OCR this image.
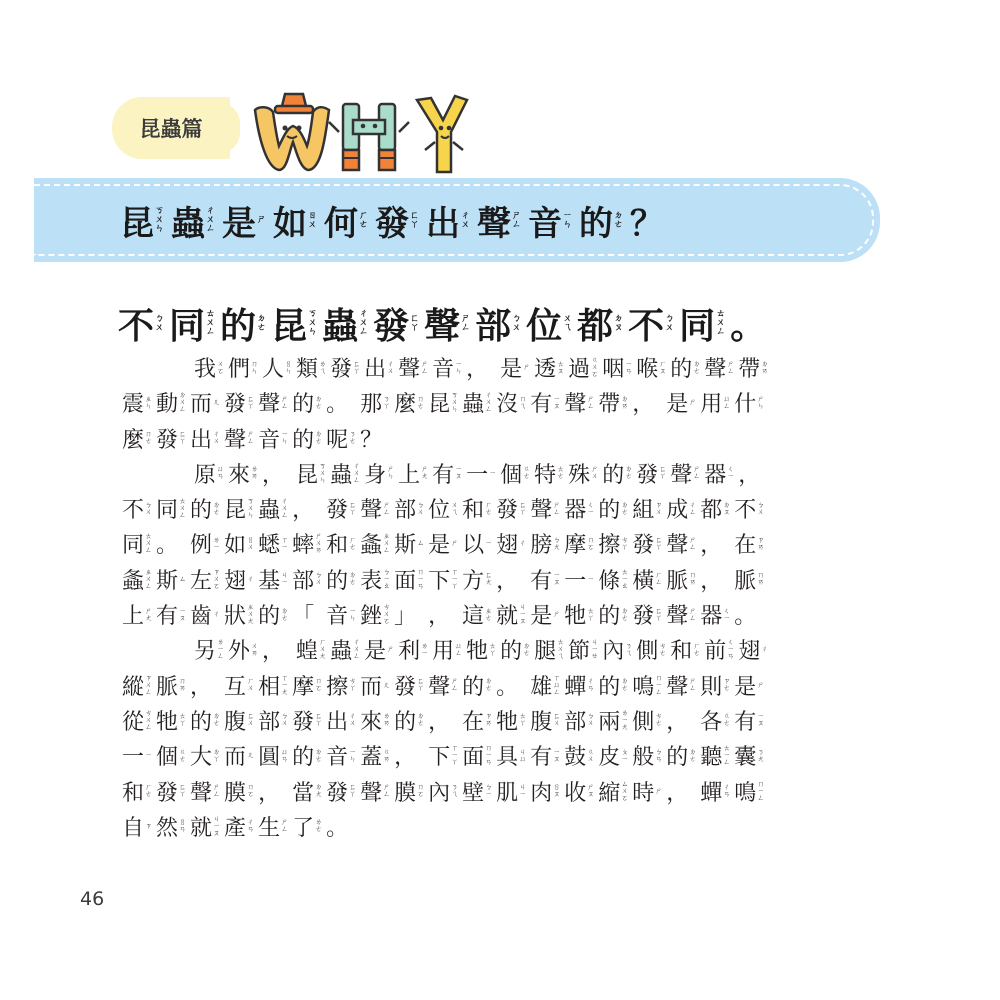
昆蟲篇
昆 ㄎ
ㄨ
ㄣ 蟲 ㄔ
ㄨ
ㄥ 是 ㄕ 如 ㄖ
ㄨ 何 ㄏ
ㄜ 發 ㄈ
ㄚ 出 ㄔ
ㄨ 聲 ㄕ
ㄥ 音 ㄧ
ㄣ 的 ㄉ
ㄜ ？
不 ㄅ
ㄨ 同 ㄊ
ㄨ
ㄥ 的 ㄉ
ㄜ 昆 ㄎ
ㄨ
ㄣ 蟲 ㄔ
ㄨ
ㄥ 發 ㄈ
ㄚ 聲 ㄕ
ㄥ 部 ㄅ
ㄨ 位 ㄨ
ㄟ 都 ㄉ
ㄡ 不 ㄅ
ㄨ 同 ㄊ
ㄨ
ㄥ 。
我 ㄨ
ㄛ 們 ㄇ
ㄣ 人 ㄖ
ㄣ 類 ㄌ
ㄟ 發 ㄈ
ㄚ 出 ㄔ
ㄨ 聲 ㄕ
ㄥ 音 ㄧ
ㄣ ， 是 ㄕ 透 ㄊ
ㄡ 過 ㄍ
ㄨ
ㄛ 咽 ㄧ
ㄢ 喉 ㄏ
ㄡ 的 ㄉ
ㄜ 聲 ㄕ
ㄥ 帶 ㄉ
ㄞ
震 ㄓ
ㄣ 動 ㄉ
ㄨ
ㄥ 而 ㄦ 發 ㄈ
ㄚ 聲 ㄕ
ㄥ 的 ㄉ
ㄜ 。 那 ㄋ
ㄚ 麼 ㄇ
ㄜ 昆 ㄎ
ㄨ
ㄣ 蟲 ㄔ
ㄨ
ㄥ 沒 ㄇ
ㄟ 有 ㄧ
ㄡ 聲 ㄕ
ㄥ 帶 ㄉ
ㄞ ， 是 ㄕ 用 ㄩ
ㄥ 什 ㄕ
ㄣ
麼 ㄇ
ㄜ 發 ㄈ
ㄚ 出 ㄔ
ㄨ 聲 ㄕ
ㄥ 音 ㄧ
ㄣ 的 ㄉ
ㄜ 呢 ㄋ
ㄜ ？
原 ㄩ
ㄢ 來 ㄌ
ㄞ ， 昆 ㄎ
ㄨ
ㄣ 蟲 ㄔ
ㄨ
ㄥ 身 ㄕ
ㄣ 上 ㄕ
ㄤ 有 ㄧ
ㄡ 一 ㄧ 個 ㄍ
ㄜ 特 ㄊ
ㄜ 殊 ㄕ
ㄨ 的 ㄉ
ㄜ 發 ㄈ
ㄚ 聲 ㄕ
ㄥ 器 ㄑ
ㄧ ，
不 ㄅ
ㄨ 同 ㄊ
ㄨ
ㄥ 的 ㄉ
ㄜ 昆 ㄎ
ㄨ
ㄣ 蟲 ㄔ
ㄨ
ㄥ ， 發 ㄈ
ㄚ 聲 ㄕ
ㄥ 部 ㄅ
ㄨ 位 ㄨ
ㄟ 和 ㄏ
ㄜ 發 ㄈ
ㄚ 聲 ㄕ
ㄥ 器 ㄑ
ㄧ 的 ㄉ
ㄜ 組 ㄗ
ㄨ 成 ㄔ
ㄥ 都 ㄉ
ㄡ 不 ㄅ
ㄨ
同 ㄊ
ㄨ
ㄥ 。 例 ㄌ
ㄧ 如 ㄖ
ㄨ 蟋 ㄒ
ㄧ 蟀 ㄕ
ㄨ
ㄞ 和 ㄏ
ㄜ 螽 ㄓ
ㄨ
ㄥ 斯 ㄙ 是 ㄕ 以 ㄧ 翅 ㄔ 膀 ㄅ
ㄤ 摩 ㄇ
ㄛ 擦 ㄘ
ㄚ 發 ㄈ
ㄚ 聲 ㄕ
ㄥ ， 在 ㄗ
ㄞ
螽 ㄓ
ㄨ
ㄥ 斯 ㄙ 左 ㄗ
ㄨ
ㄛ 翅 ㄔ 基 ㄐ
ㄧ 部 ㄅ
ㄨ 的 ㄉ
ㄜ 表 ㄅ
ㄧ
ㄠ 面 ㄇ
ㄧ
ㄢ 下 ㄒ
ㄧ
ㄚ 方 ㄈ
ㄤ ， 有 ㄧ
ㄡ 一 ㄧ 條 ㄊ
ㄧ
ㄠ 橫 ㄏ
ㄥ 脈 ㄇ
ㄞ ， 脈 ㄇ
ㄞ
上 ㄕ
ㄤ 有 ㄧ
ㄡ 齒 ㄔ 狀 ㄓ
ㄨ
ㄤ 的 ㄉ
ㄜ 「 音 ㄧ
ㄣ 銼 ㄘ
ㄨ
ㄛ 」 ， 這 ㄓ
ㄜ 就 ㄐ
ㄧ
ㄡ 是 ㄕ 牠 ㄊ
ㄚ 的 ㄉ
ㄜ 發 ㄈ
ㄚ 聲 ㄕ
ㄥ 器 ㄑ
ㄧ 。
另 ㄌ
ㄧ
ㄥ 外 ㄨ
ㄞ ， 蝗 ㄏ
ㄨ
ㄤ 蟲 ㄔ
ㄨ
ㄥ 是 ㄕ 利 ㄌ
ㄧ 用 ㄩ
ㄥ 牠 ㄊ
ㄚ 的 ㄉ
ㄜ 腿 ㄊ
ㄨ
ㄟ 節 ㄐ
ㄧ
ㄝ 內 ㄋ
ㄟ 側 ㄘ
ㄜ 和 ㄏ
ㄜ 前 ㄑ
ㄧ
ㄢ 翅 ㄔ
縱 ㄗ
ㄨ
ㄥ 脈 ㄇ
ㄞ ， 互 ㄏ
ㄨ 相 ㄒ
ㄧ
ㄤ 摩 ㄇ
ㄛ 擦 ㄘ
ㄚ 而 ㄦ 發 ㄈ
ㄚ 聲 ㄕ
ㄥ 的 ㄉ
ㄜ 。 雄 ㄒ
ㄩ
ㄥ 蟬 ㄔ
ㄢ 的 ㄉ
ㄜ 鳴 ㄇ
ㄧ
ㄥ 聲 ㄕ
ㄥ 則 ㄗ
ㄜ 是 ㄕ
從 ㄘ
ㄨ
ㄥ 牠 ㄊ
ㄚ 的 ㄉ
ㄜ 腹 ㄈ
ㄨ 部 ㄅ
ㄨ 發 ㄈ
ㄚ 出 ㄔ
ㄨ 來 ㄌ
ㄞ 的 ㄉ
ㄜ ， 在 ㄗ
ㄞ 牠 ㄊ
ㄚ 腹 ㄈ
ㄨ 部 ㄅ
ㄨ 兩 ㄌ
ㄧ
ㄤ 側 ㄘ
ㄜ ， 各 ㄍ
ㄜ 有 ㄧ
ㄡ
一 ㄧ 個 ㄍ
ㄜ 大 ㄉ
ㄚ 而 ㄦ 圓 ㄩ
ㄢ 的 ㄉ
ㄜ 音 ㄧ
ㄣ 蓋 ㄍ
ㄞ ， 下 ㄒ
ㄧ
ㄚ 面 ㄇ
ㄧ
ㄢ 具 ㄐ
ㄩ 有 ㄧ
ㄡ 鼓 ㄍ
ㄨ 皮 ㄆ
ㄧ 般 ㄅ
ㄢ 的 ㄉ
ㄜ 聽 ㄊ
ㄧ
ㄥ 囊 ㄋ
ㄤ
和 ㄏ
ㄜ 發 ㄈ
ㄚ 聲 ㄕ
ㄥ 膜 ㄇ
ㄛ ， 當 ㄉ
ㄤ 發 ㄈ
ㄚ 聲 ㄕ
ㄥ 膜 ㄇ
ㄛ 內 ㄋ
ㄟ 壁 ㄅ
ㄧ 肌 ㄐ
ㄧ 肉 ㄖ
ㄡ 收 ㄕ
ㄡ 縮 ㄙ
ㄨ
ㄛ 時 ㄕ ， 蟬 ㄔ
ㄢ 鳴 ㄇ
ㄧ
ㄥ
自 ㄗ 然 ㄖ
ㄢ 就 ㄐ
ㄧ
ㄡ 產 ㄔ
ㄢ 生 ㄕ
ㄥ 了 ㄌ
ㄜ 。
46
